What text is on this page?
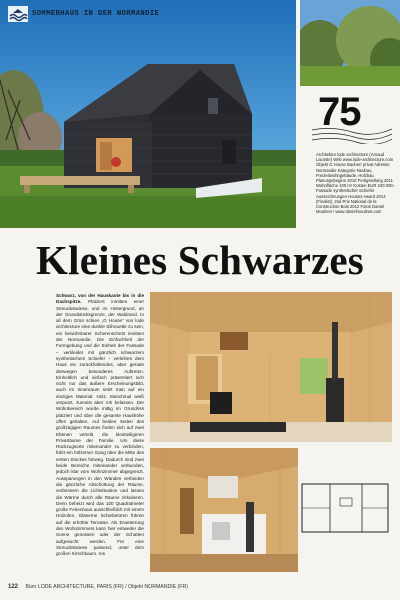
SOMMERHAUS IN DER NORMANDIE
75
Architektur lode architecture (Arnaud Lacoste) Web www.lode-architecture.com Objekt G House Bauherr privat Adresse Normandie Kategorie Neubau, Freizeitwohngebäude, Holzbau Planungsbeginn 2010 Fertigstellung 2011 Wohnfläche 100 m² Kosten EUR 240 000.- Fassade synthetischer Schiefer Auszeichnungen Houses Award 2014 (Finalist), 2nd Prix National de la Construction Bois 2012 Fotos Daniel Moulinet / www.danielmoulinet.com
Kleines Schwarzes
Schwarz, von der Hauskante bis in die Dachspitze. Platziert inmitten einer Streuobstwiese, und im Hintergrund, an der Grundstücksgrenze, der Waldrand. In all dem Grün schien „G House“ von lode architecture eine dunkle Silhouette zu sein, ein bewohnbarer Scherenschnitt inmitten der Normandie. Die Einfachheit der Formgebung und die Einheit der Fassade – verkleidet mit gänzlich schwarzem synthetischem Schiefer – verleihen dem Haus ein zurückhaltendes, aber gerade deswegen besonderes Auftreten. Einheitlich und einfach präsentiert sich nicht nur das äußere Erscheinungsbild, auch im Innenraum setzt man auf ein einziges Material: Holz. Manchmal weiß verputzt, zumeist aber roh belassen. Der Wohnbereich wurde mittig im Grundriss platziert und über die gesamte Haushöhe offen gehalten. Auf beiden Seiten des großzügigen Raumes finden sich auf zwei Ebenen verteilt, die kleinteiligeren Privaträume der Familie. Um diese Rückzugsorte miteinander zu verbinden, führt ein hölzerner Gang über die Mitte des ersten Stockes hinweg. Dadurch sind zwei beide Bereiche miteinander verbunden, jedoch klar vom Wohnzimmer abgegrenzt. Aussparungen in den Wänden verbinden die gänzliche Abschottung der Räume, verbessern die Lichtsituation und lassen die Wärme durch alle Räume zirkulieren. Denn beheizt wird das 100 Quadratmeter große Ferienhaus ausschließlich mit einem Holzofen. Gläserne Schiebetüren führen auf die erhöhte Terrasse. Als Erweiterung des Wohnzimmers kann hier entweder die Sonne genossen oder der Schatten aufgesucht werden. Für eine Streuobstwiese passend, unter dem großen Kirschbaum. ros
122 Büro LODE ARCHITECTURE, PARIS (FR) / Objekt NORMANDIE (FR)
